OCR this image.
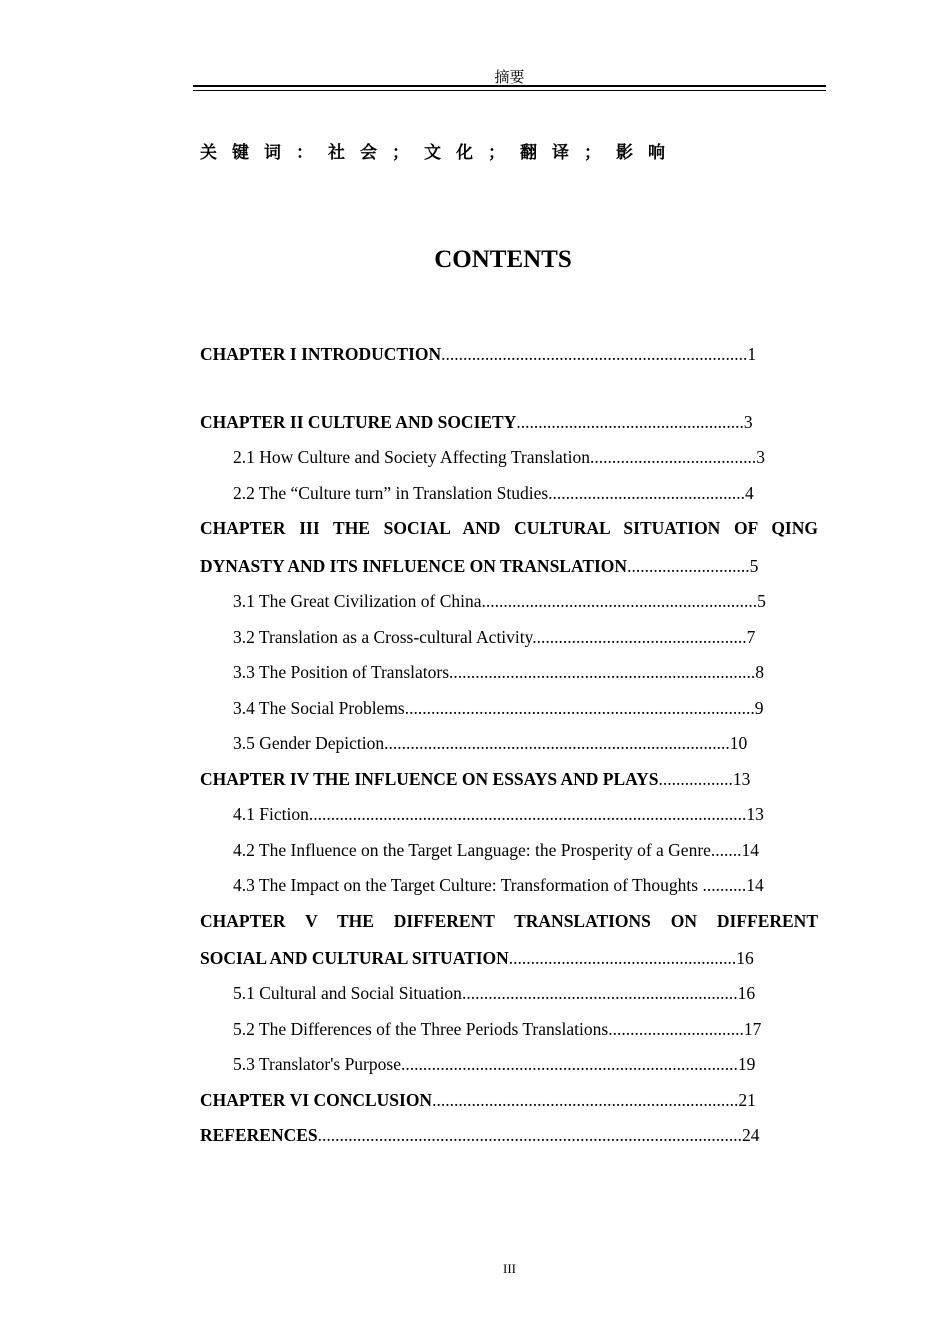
摘要
关键词：社会；文化；翻译；影响
CONTENTS
CHAPTER I INTRODUCTION......................................................................1
CHAPTER II CULTURE AND SOCIETY....................................................3
2.1 How Culture and Society Affecting Translation......................................3
2.2 The “Culture turn” in Translation Studies.............................................4
CHAPTER III THE SOCIAL AND CULTURAL SITUATION OF QING
DYNASTY AND ITS INFLUENCE ON TRANSLATION............................5
3.1 The Great Civilization of China...............................................................5
3.2 Translation as a Cross-cultural Activity.................................................7
3.3 The Position of Translators......................................................................8
3.4 The Social Problems................................................................................9
3.5 Gender Depiction...............................................................................10
CHAPTER IV THE INFLUENCE ON ESSAYS AND PLAYS.................13
4.1 Fiction....................................................................................................13
4.2 The Influence on the Target Language: the Prosperity of a Genre.......14
4.3 The Impact on the Target Culture: Transformation of Thoughts ..........14
CHAPTER V THE DIFFERENT TRANSLATIONS ON DIFFERENT
SOCIAL AND CULTURAL SITUATION....................................................16
5.1 Cultural and Social Situation...............................................................16
5.2 The Differences of the Three Periods Translations...............................17
5.3 Translator's Purpose.............................................................................19
CHAPTER VI CONCLUSION......................................................................21
REFERENCES.................................................................................................24
III
